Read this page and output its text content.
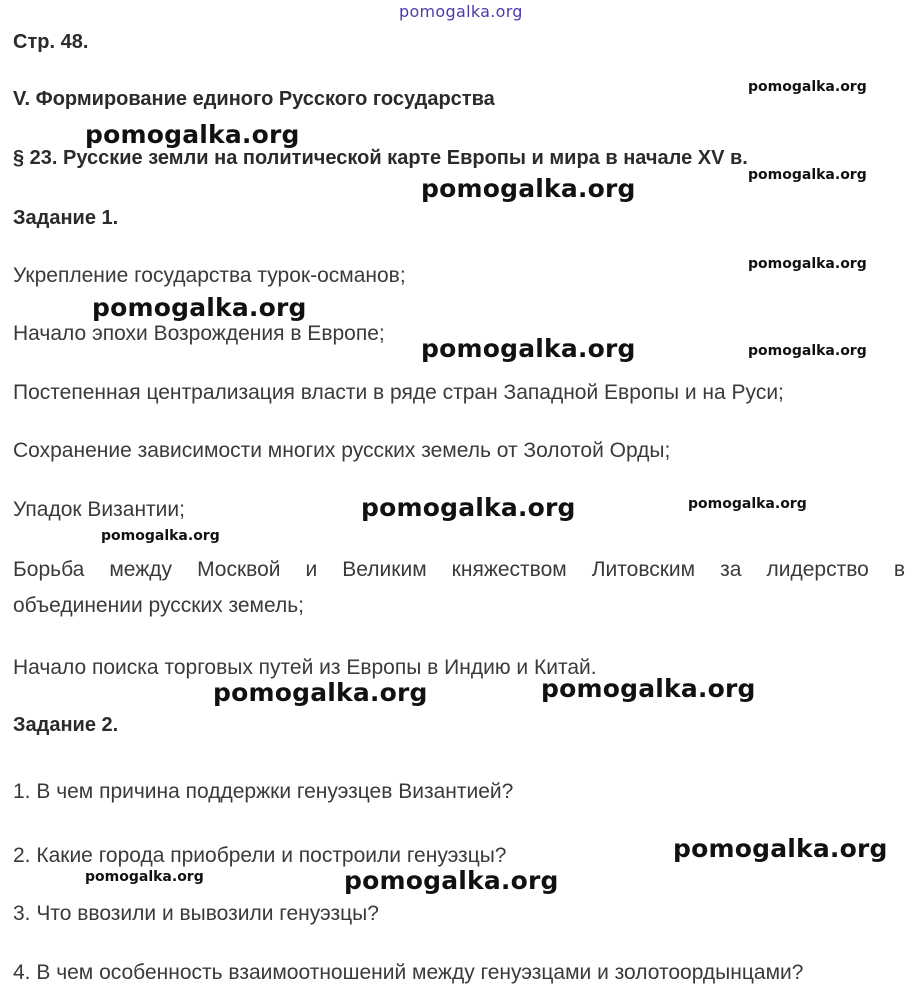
Стр. 48.
V. Формирование единого Русского государства
§ 23. Русские земли на политической карте Европы и мира в начале XV в.
Задание 1.
Укрепление государства турок-османов;
Начало эпохи Возрождения в Европе;
Постепенная централизация власти в ряде стран Западной Европы и на Руси;
Сохранение зависимости многих русских земель от Золотой Орды;
Упадок Византии;
Борьба между Москвой и Великим княжеством Литовским за лидерство в
объединении русских земель;
Начало поиска торговых путей из Европы в Индию и Китай.
Задание 2.
1. В чем причина поддержки генуэзцев Византией?
2. Какие города приобрели и построили генуэзцы?
3. Что ввозили и вывозили генуэзцы?
4. В чем особенность взаимоотношений между генуэзцами и золотоордынцами?
pomogalka.org
pomogalka.org
pomogalka.org
pomogalka.org
pomogalka.org
pomogalka.org
pomogalka.org
pomogalka.org	pomogalka.org
pomogalka.org
pomogalka.org
pomogalka.org
pomogalka.org	pomogalka.org
pomogalka.org
pomogalka.org	pomogalka.org
